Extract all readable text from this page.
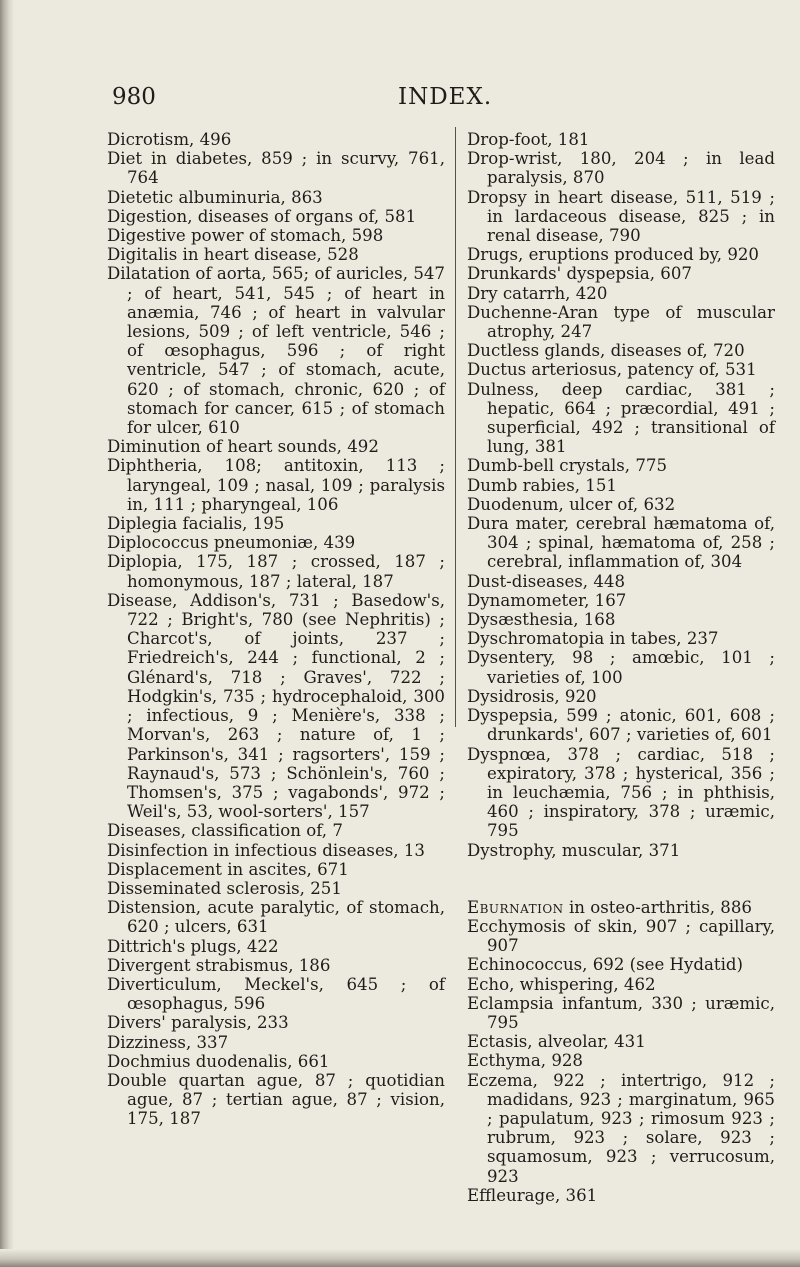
980	INDEX.
Dicrotism, 496
Diet in diabetes, 859 ; in scurvy, 761, 764
Dietetic albuminuria, 863
Digestion, diseases of organs of, 581
Digestive power of stomach, 598
Digitalis in heart disease, 528
Dilatation of aorta, 565; of auricles, 547 ; of heart, 541, 545 ; of heart in anæmia, 746 ; of heart in valvular lesions, 509 ; of left ventricle, 546 ; of œsophagus, 596 ; of right ventricle, 547 ; of stomach, acute, 620 ; of stomach, chronic, 620 ; of stomach for cancer, 615 ; of stomach for ulcer, 610
Diminution of heart sounds, 492
Diphtheria, 108; antitoxin, 113 ; laryngeal, 109 ; nasal, 109 ; paralysis in, 111 ; pharyngeal, 106
Diplegia facialis, 195
Diplococcus pneumoniæ, 439
Diplopia, 175, 187 ; crossed, 187 ; homonymous, 187 ; lateral, 187
Disease, Addison's, 731 ; Basedow's, 722 ; Bright's, 780 (see Nephritis) ; Charcot's, of joints, 237 ; Friedreich's, 244 ; functional, 2 ; Glénard's, 718 ; Graves', 722 ; Hodgkin's, 735 ; hydrocephaloid, 300 ; infectious, 9 ; Menière's, 338 ; Morvan's, 263 ; nature of, 1 ; Parkinson's, 341 ; ragsorters', 159 ; Raynaud's, 573 ; Schönlein's, 760 ; Thomsen's, 375 ; vagabonds', 972 ; Weil's, 53, wool-sorters', 157
Diseases, classification of, 7
Disinfection in infectious diseases, 13
Displacement in ascites, 671
Disseminated sclerosis, 251
Distension, acute paralytic, of stomach, 620 ; ulcers, 631
Dittrich's plugs, 422
Divergent strabismus, 186
Diverticulum, Meckel's, 645 ; of œsophagus, 596
Divers' paralysis, 233
Dizziness, 337
Dochmius duodenalis, 661
Double quartan ague, 87 ; quotidian ague, 87 ; tertian ague, 87 ; vision, 175, 187
Drop-foot, 181
Drop-wrist, 180, 204 ; in lead paralysis, 870
Dropsy in heart disease, 511, 519 ; in lardaceous disease, 825 ; in renal disease, 790
Drugs, eruptions produced by, 920
Drunkards' dyspepsia, 607
Dry catarrh, 420
Duchenne-Aran type of muscular atrophy, 247
Ductless glands, diseases of, 720
Ductus arteriosus, patency of, 531
Dulness, deep cardiac, 381 ; hepatic, 664 ; præcordial, 491 ; superficial, 492 ; transitional of lung, 381
Dumb-bell crystals, 775
Dumb rabies, 151
Duodenum, ulcer of, 632
Dura mater, cerebral hæmatoma of, 304 ; spinal, hæmatoma of, 258 ; cerebral, inflammation of, 304
Dust-diseases, 448
Dynamometer, 167
Dysæsthesia, 168
Dyschromatopia in tabes, 237
Dysentery, 98 ; amœbic, 101 ; varieties of, 100
Dysidrosis, 920
Dyspepsia, 599 ; atonic, 601, 608 ; drunkards', 607 ; varieties of, 601
Dyspnœa, 378 ; cardiac, 518 ; expiratory, 378 ; hysterical, 356 ; in leuchæmia, 756 ; in phthisis, 460 ; inspiratory, 378 ; uræmic, 795
Dystrophy, muscular, 371
Eburnation in osteo-arthritis, 886
Ecchymosis of skin, 907 ; capillary, 907
Echinococcus, 692 (see Hydatid)
Echo, whispering, 462
Eclampsia infantum, 330 ; uræmic, 795
Ectasis, alveolar, 431
Ecthyma, 928
Eczema, 922 ; intertrigo, 912 ; madidans, 923 ; marginatum, 965 ; papulatum, 923 ; rimosum 923 ; rubrum, 923 ; solare, 923 ; squamosum, 923 ; verrucosum, 923
Effleurage, 361
